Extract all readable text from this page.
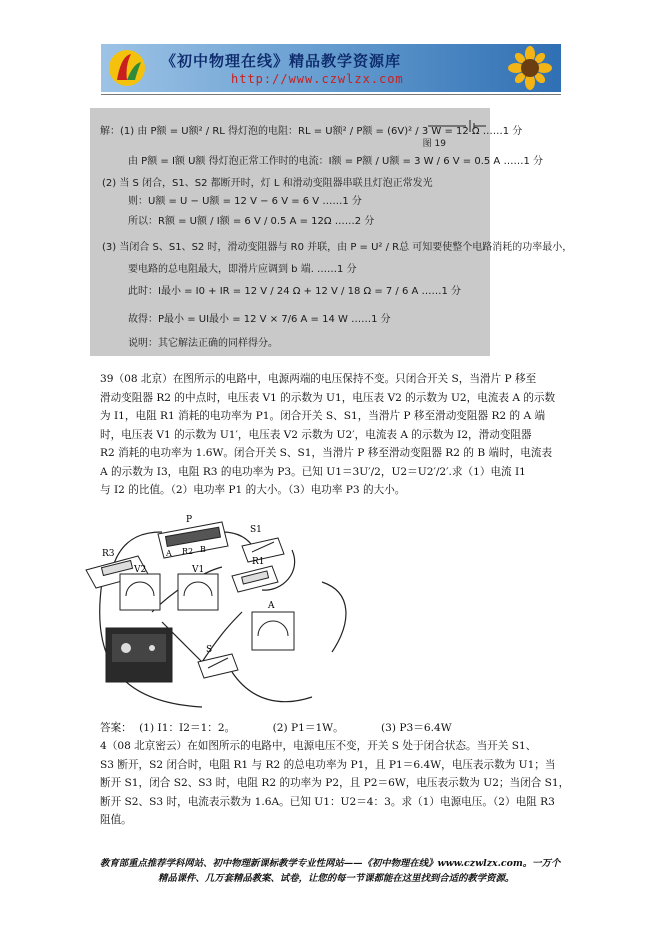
《初中物理在线》精品教学资源库
http://www.czwlzx.com
解：(1) 由 P额 = U额² / RL 得灯泡的电阻：RL = U额² / P额 = (6V)² / 3 W = 12 Ω ……1 分
由 P额 = I额 U额 得灯泡正常工作时的电流：I额 = P额 / U额 = 3 W / 6 V = 0.5 A ……1 分
(2) 当 S 闭合，S1、S2 都断开时，灯 L 和滑动变阻器串联且灯泡正常发光
则：U额 = U − U额 = 12 V − 6 V = 6 V ……1 分
所以：R额 = U额 / I额 = 6 V / 0.5 A = 12Ω ……2 分
(3) 当闭合 S、S1、S2 时，滑动变阻器与 R0 并联，由 P = U² / R总 可知要使整个电路消耗的功率最小，
要电路的总电阻最大，即滑片应调到 b 端. ……1 分
此时：I最小 = I0 + IR = 12 V / 24 Ω + 12 V / 18 Ω = 7 / 6 A ……1 分
故得：P最小 = UI最小 = 12 V × 7/6 A = 14 W ……1 分
说明：其它解法正确的同样得分。
图 19
39（08 北京）在图所示的电路中，电源两端的电压保持不变。只闭合开关 S，当滑片 P 移至
滑动变阻器 R2 的中点时，电压表 V1 的示数为 U1，电压表 V2 的示数为 U2，电流表 A 的示数
为 I1，电阻 R1 消耗的电功率为 P1。闭合开关 S、S1，当滑片 P 移至滑动变阻器 R2 的 A 端
时，电压表 V1 的示数为 U1′，电压表 V2 示数为 U2′，电流表 A 的示数为 I2，滑动变阻器
R2 消耗的电功率为 1.6W。闭合开关 S、S1，当滑片 P 移至滑动变阻器 R2 的 B 端时，电流表
A 的示数为 I3，电阻 R3 的电功率为 P3。已知 U1＝3U′/2，U2＝U2′/2′.求（1）电流 I1
与 I2 的比值。（2）电功率 P1 的大小。（3）电功率 P3 的大小。
R3
P
A R2 B
S1
V2	V1
R1
A
S
答案： (1) I1：I2＝1：2。	(2) P1＝1W。	(3) P3＝6.4W
4（08 北京密云）在如图所示的电路中，电源电压不变，开关 S 处于闭合状态。当开关 S1、
S3 断开，S2 闭合时，电阻 R1 与 R2 的总电功率为 P1，且 P1＝6.4W，电压表示数为 U1；当
断开 S1，闭合 S2、S3 时，电阻 R2 的功率为 P2，且 P2＝6W，电压表示数为 U2；当闭合 S1，
断开 S2、S3 时，电流表示数为 1.6A。已知 U1：U2＝4：3。求（1）电源电压。（2）电阻 R3
阻值。
教育部重点推荐学科网站、初中物理新课标教学专业性网站——《初中物理在线》www.czwlzx.com。一万个
精品课件、几万套精品教案、试卷，让您的每一节课都能在这里找到合适的教学资源。
